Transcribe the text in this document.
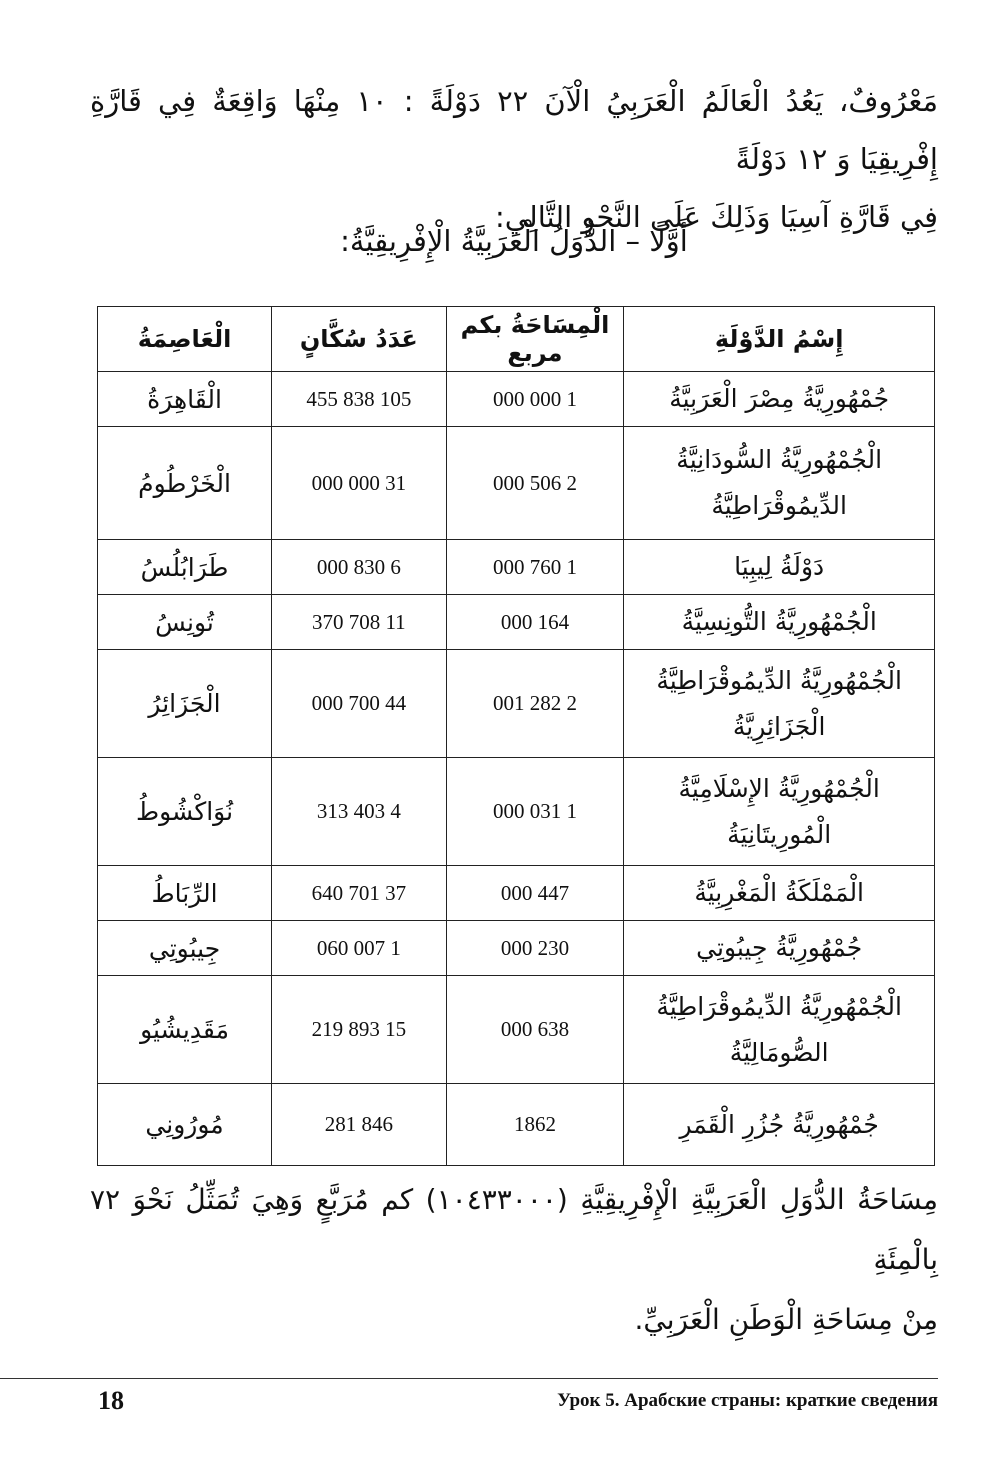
مَعْرُوفٌ، يَعُدُ الْعَالَمُ الْعَرَبِيُ الْآنَ ٢٢ دَوْلَةً : ١٠ مِنْهَا وَاقِعَةٌ فِي قَارَّةِ إِفْرِيقِيَا وَ ١٢ دَوْلَةً
فِي قَارَّةِ آسِيَا وَذَلِكَ عَلَى النَّحْوِ التَّالِي:
أَوَّلًا – الدُّوَلُ الْعَرَبِيَّةُ الْإِفْرِيقِيَّةُ:
إِسْمُ الدَّوْلَةِ	الْمِسَاحَةُ بكم مربع	عَدَدُ سُكَّانٍ	الْعَاصِمَةُ

جُمْهُورِيَّةُ مِصْرَ الْعَرَبِيَّةُ	1 000 000	105 838 455	الْقَاهِرَةُ

الْجُمْهُورِيَّةُ السُّودَانِيَّةُ
الدِّيمُوقْرَاطِيَّةُ	2 506 000	31 000 000	الْخَرْطُومُ

دَوْلَةُ لِيبِيَا	1 760 000	6 830 000	طَرَابُلُسُ

الْجُمْهُورِيَّةُ التُّونِسِيَّةُ	164 000	11 708 370	تُونِسُ

الْجُمْهُورِيَّةُ الدِّيمُوقْرَاطِيَّةُ
الْجَزَائِرِيَّةُ	2 282 001	44 700 000	الْجَزَائِرُ

الْجُمْهُورِيَّةُ الإِسْلَامِيَّةُ
الْمُورِيتَانِيَةُ	1 031 000	4 403 313	نُوَاكْشُوطُ

الْمَمْلَكَةُ الْمَغْرِبِيَّةُ	447 000	37 701 640	الرِّبَاطُ

جُمْهُورِيَّةُ جِيبُوتِي	230 000	1 007 060	جِيبُوتِي

الْجُمْهُورِيَّةُ الدِّيمُوقْرَاطِيَّةُ
الصُّومَالِيَّةُ	638 000	15 893 219	مَقَدِيشُيُو

جُمْهُورِيَّةُ جُزُرِ الْقَمَرِ	1862	846 281	مُورُونِي
مِسَاحَةُ الدُّوَلِ الْعَرَبِيَّةِ الْإِفْرِيقِيَّةِ (١٠٤٣٣٠٠٠) كم مُرَبَّعٍ وَهِيَ تُمَثِّلُ نَحْوَ ٧٢ بِالْمِئَةِ
مِنْ مِسَاحَةِ الْوَطَنِ الْعَرَبِيِّ.
18	Урок 5. Арабские страны: краткие сведения
